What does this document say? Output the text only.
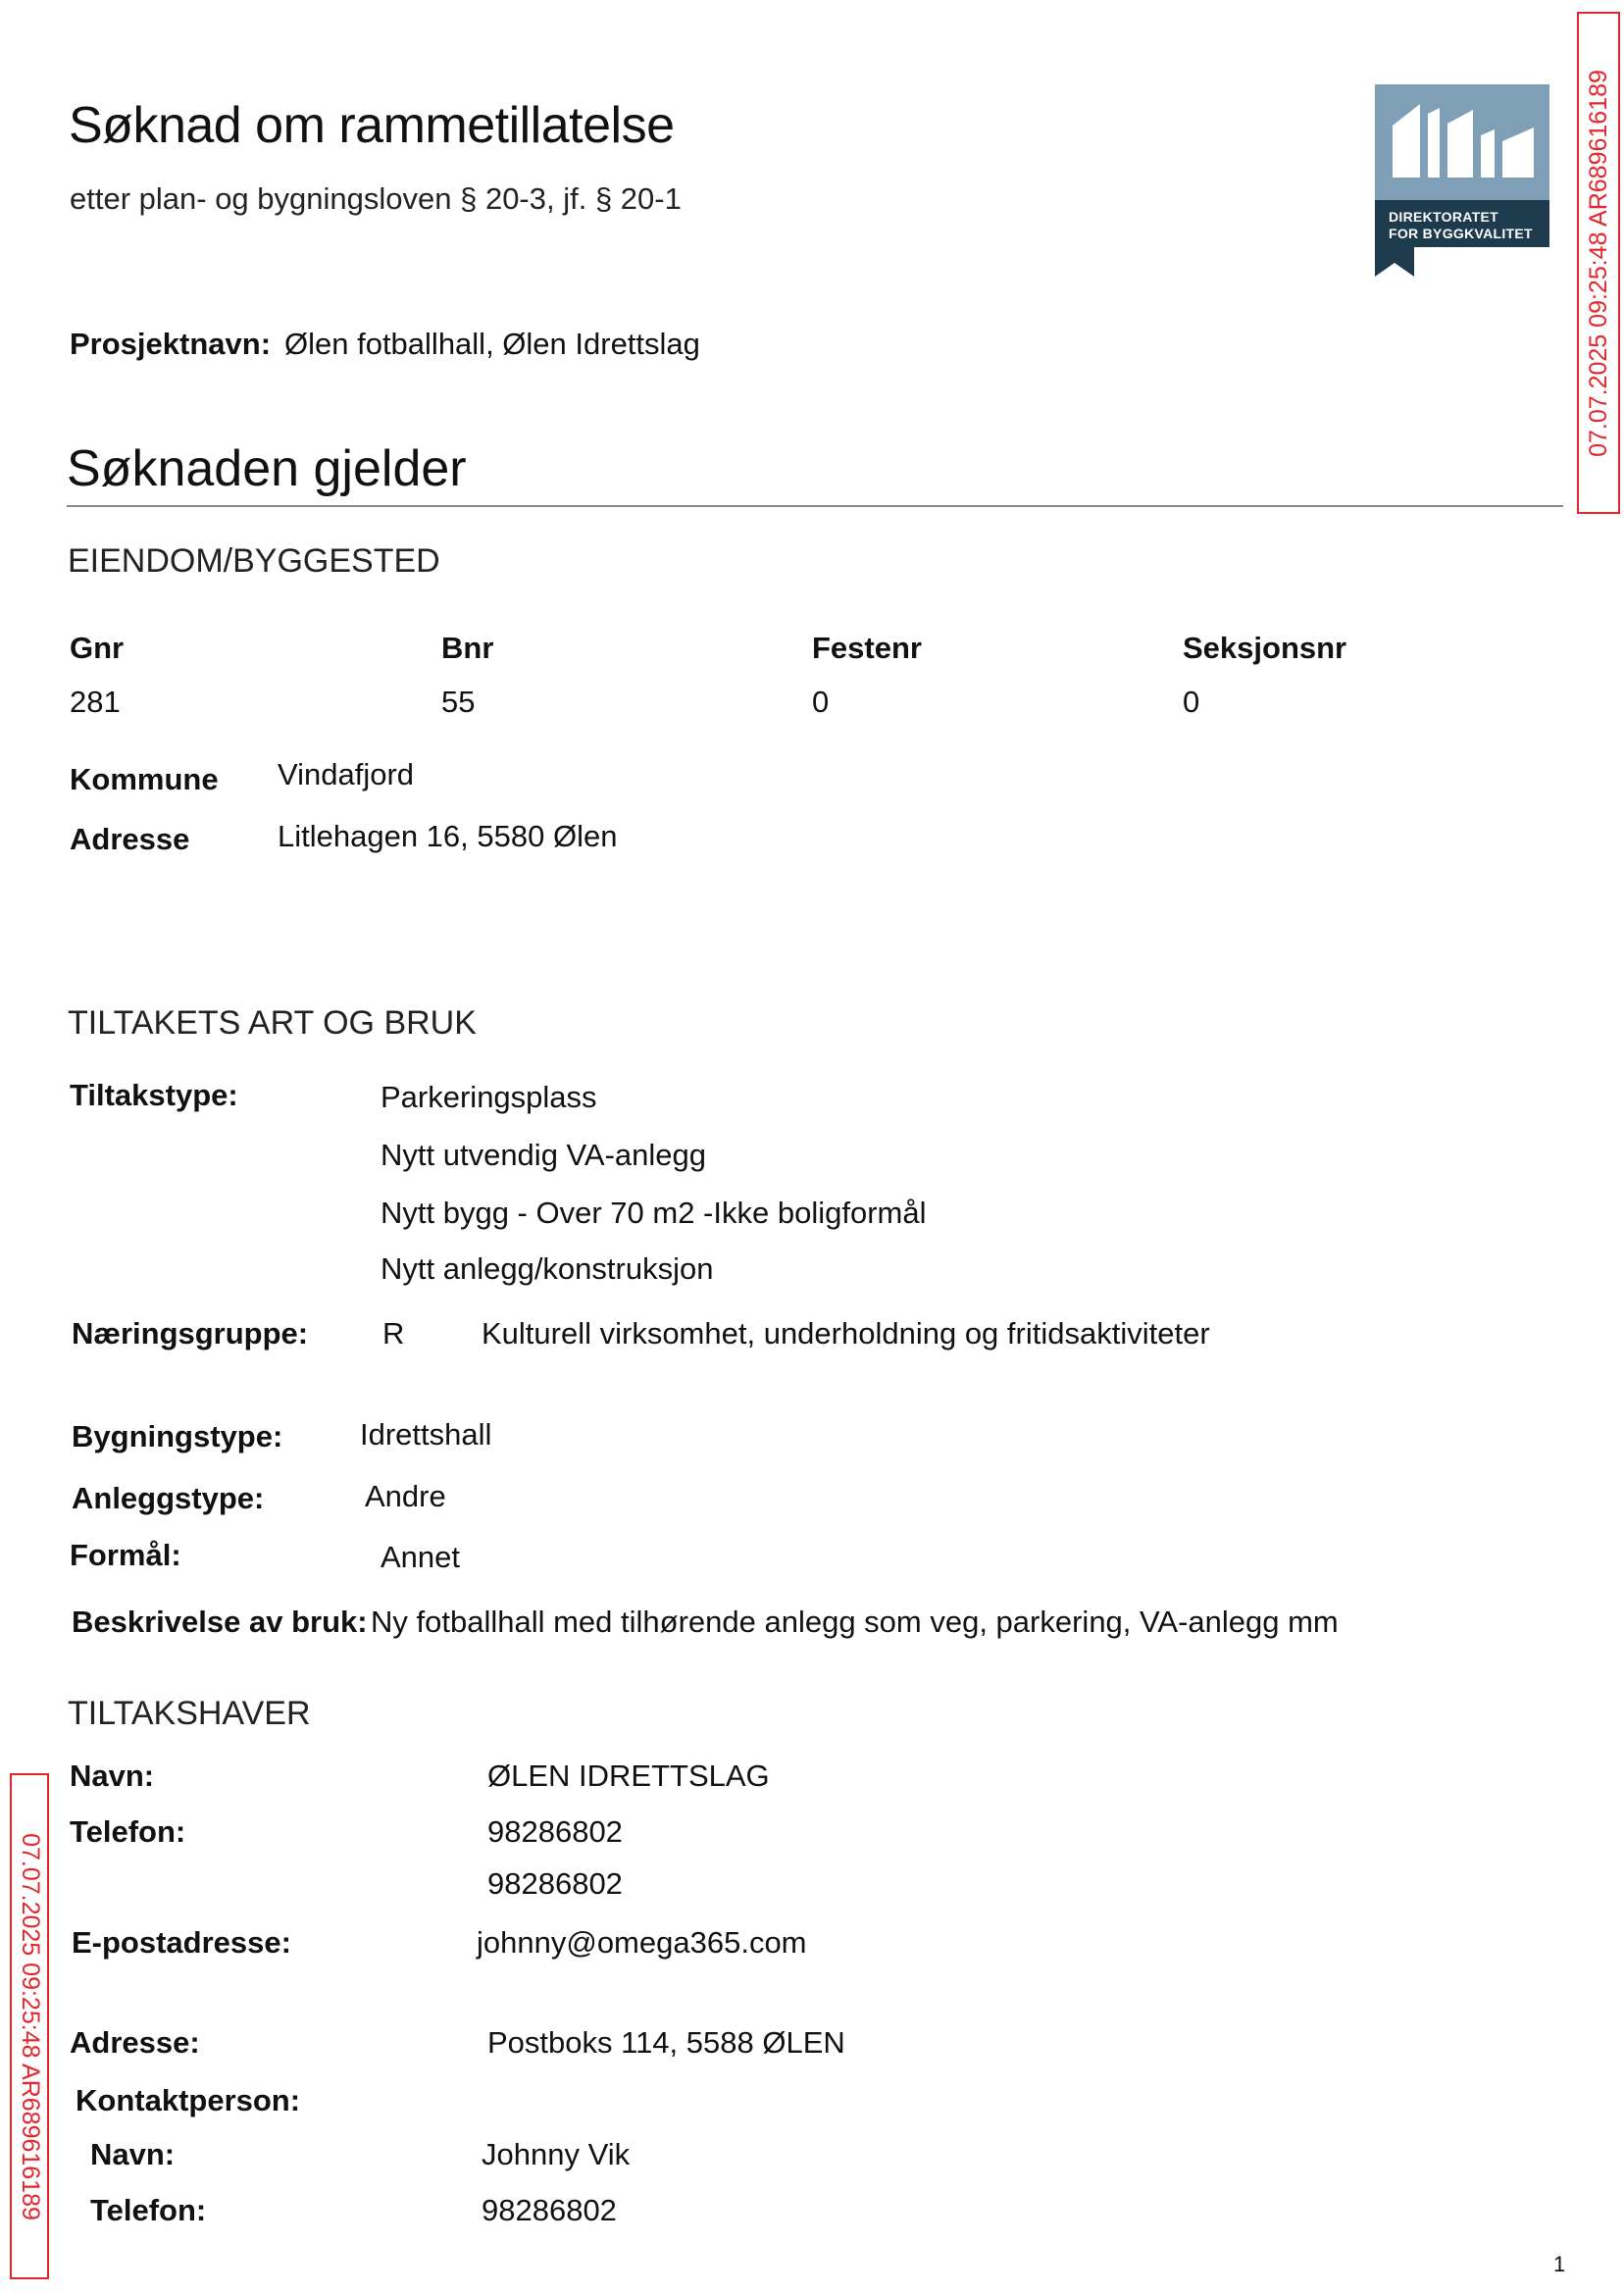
Søknad om rammetillatelse
etter plan- og bygningsloven § 20-3, jf. § 20-1
Prosjektnavn: Ølen fotballhall, Ølen Idrettslag
DIREKTORATET
FOR BYGGKVALITET 07.07.2025 09:25:48 AR689616189
07.07.2025 09:25:48 AR689616189
Søknaden gjelder
EIENDOM/BYGGESTED
Gnr	Bnr	Festenr	Seksjonsnr
281	55	0	0
Kommune Vindafjord
Adresse	Litlehagen 16, 5580 Ølen
TILTAKETS ART OG BRUK
Tiltakstype:	Parkeringsplass
Nytt utvendig VA-anlegg
Nytt bygg - Over 70 m2 -Ikke boligformål
Nytt anlegg/konstruksjon
Næringsgruppe: R	Kulturell virksomhet, underholdning og fritidsaktiviteter
Bygningstype:	Idrettshall
Anleggstype:	Andre
Formål:	Annet
Beskrivelse av bruk: Ny fotballhall med tilhørende anlegg som veg, parkering, VA-anlegg mm
TILTAKSHAVER
Navn:	ØLEN IDRETTSLAG
Telefon:	98286802
98286802
E-postadresse:	johnny@omega365.com
Adresse:	Postboks 114, 5588 ØLEN
Kontaktperson:
Navn:	Johnny Vik
Telefon:	98286802
1
